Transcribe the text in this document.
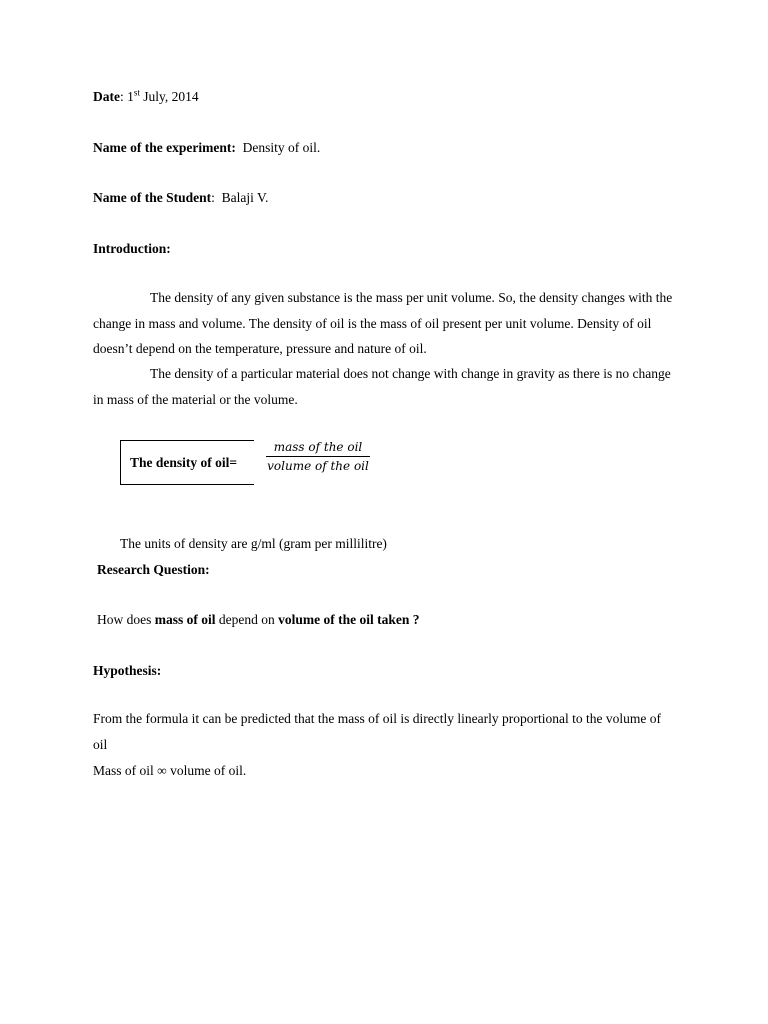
Date: 1st July, 2014
Name of the experiment: Density of oil.
Name of the Student: Balaji V.
Introduction:
The density of any given substance is the mass per unit volume. So, the density changes with the change in mass and volume. The density of oil is the mass of oil present per unit volume. Density of oil doesn’t depend on the temperature, pressure and nature of oil.
The density of a particular material does not change with change in gravity as there is no change in mass of the material or the volume.
The density of oil=
mass of the oil
volume of the oil
The units of density are g/ml (gram per millilitre)
Research Question:
How does mass of oil depend on volume of the oil taken ?
Hypothesis:
From the formula it can be predicted that the mass of oil is directly linearly proportional to the volume of oil
Mass of oil ∞ volume of oil.
